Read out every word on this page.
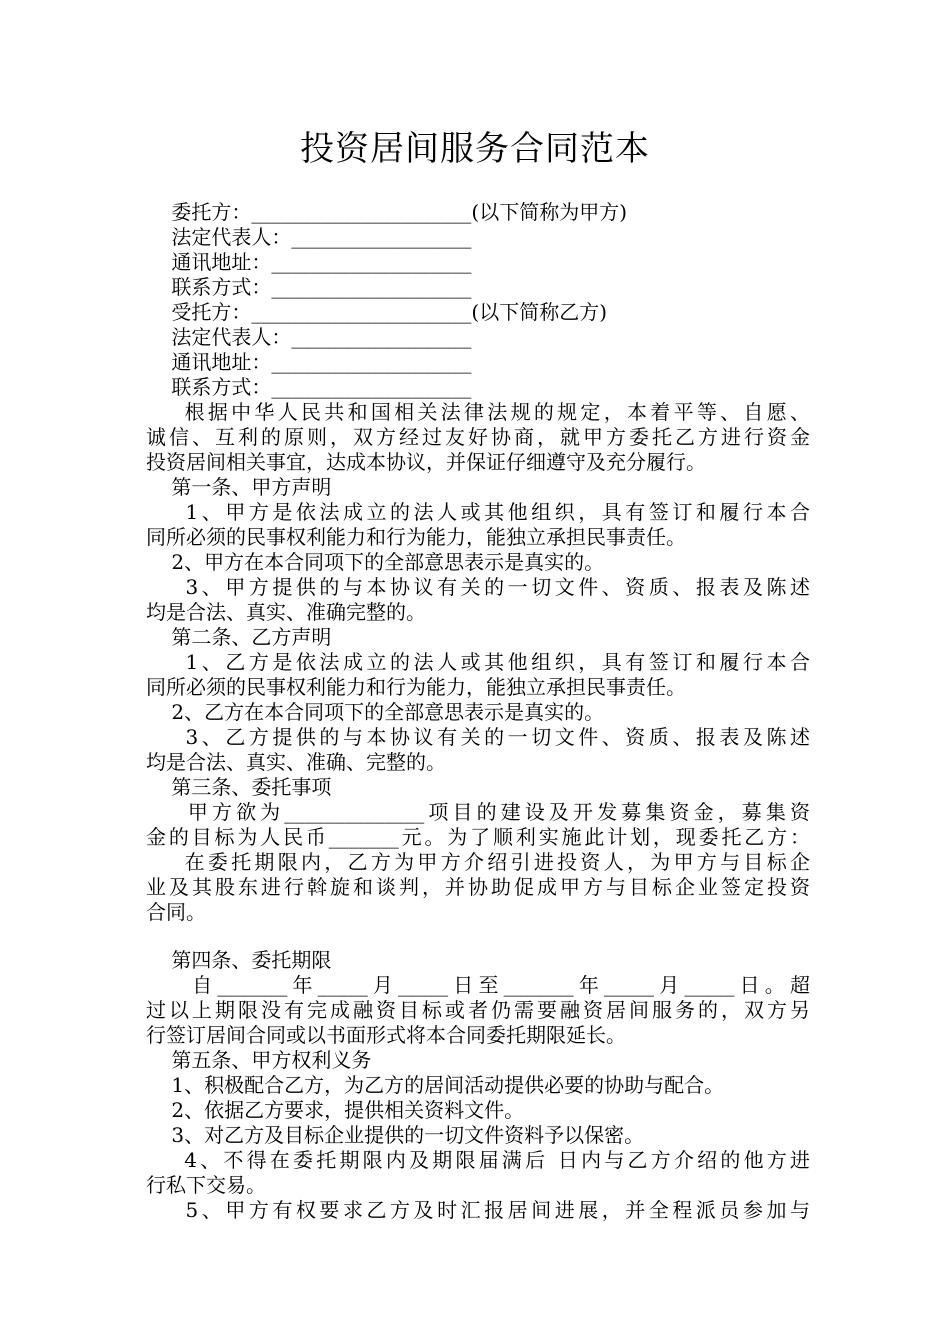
投资居间服务合同范本
委托方：______________________(以下简称为甲方)
法定代表人：__________________
通讯地址：____________________
联系方式：____________________
受托方：______________________(以下简称乙方)
法定代表人：__________________
通讯地址：____________________
联系方式：____________________
根据中华人民共和国相关法律法规的规定，本着平等、自愿、
诚信、互利的原则，双方经过友好协商，就甲方委托乙方进行资金
投资居间相关事宜，达成本协议，并保证仔细遵守及充分履行。
第一条、甲方声明
1、甲方是依法成立的法人或其他组织，具有签订和履行本合
同所必须的民事权利能力和行为能力，能独立承担民事责任。
2、甲方在本合同项下的全部意思表示是真实的。
3、甲方提供的与本协议有关的一切文件、资质、报表及陈述
均是合法、真实、准确完整的。
第二条、乙方声明
1、乙方是依法成立的法人或其他组织，具有签订和履行本合
同所必须的民事权利能力和行为能力，能独立承担民事责任。
2、乙方在本合同项下的全部意思表示是真实的。
3、乙方提供的与本协议有关的一切文件、资质、报表及陈述
均是合法、真实、准确、完整的。
第三条、委托事项
甲方欲为______________项目的建设及开发募集资金，募集资
金的目标为人民币_______元。为了顺利实施此计划，现委托乙方：
在委托期限内，乙方为甲方介绍引进投资人，为甲方与目标企
业及其股东进行斡旋和谈判，并协助促成甲方与目标企业签定投资
合同。
第四条、委托期限
自_______年_____月_____日至_______年_____月_____日。超
过以上期限没有完成融资目标或者仍需要融资居间服务的，双方另
行签订居间合同或以书面形式将本合同委托期限延长。
第五条、甲方权利义务
1、积极配合乙方，为乙方的居间活动提供必要的协助与配合。
2、依据乙方要求，提供相关资料文件。
3、对乙方及目标企业提供的一切文件资料予以保密。
4、不得在委托期限内及期限届满后 日内与乙方介绍的他方进
行私下交易。
5、甲方有权要求乙方及时汇报居间进展，并全程派员参加与
